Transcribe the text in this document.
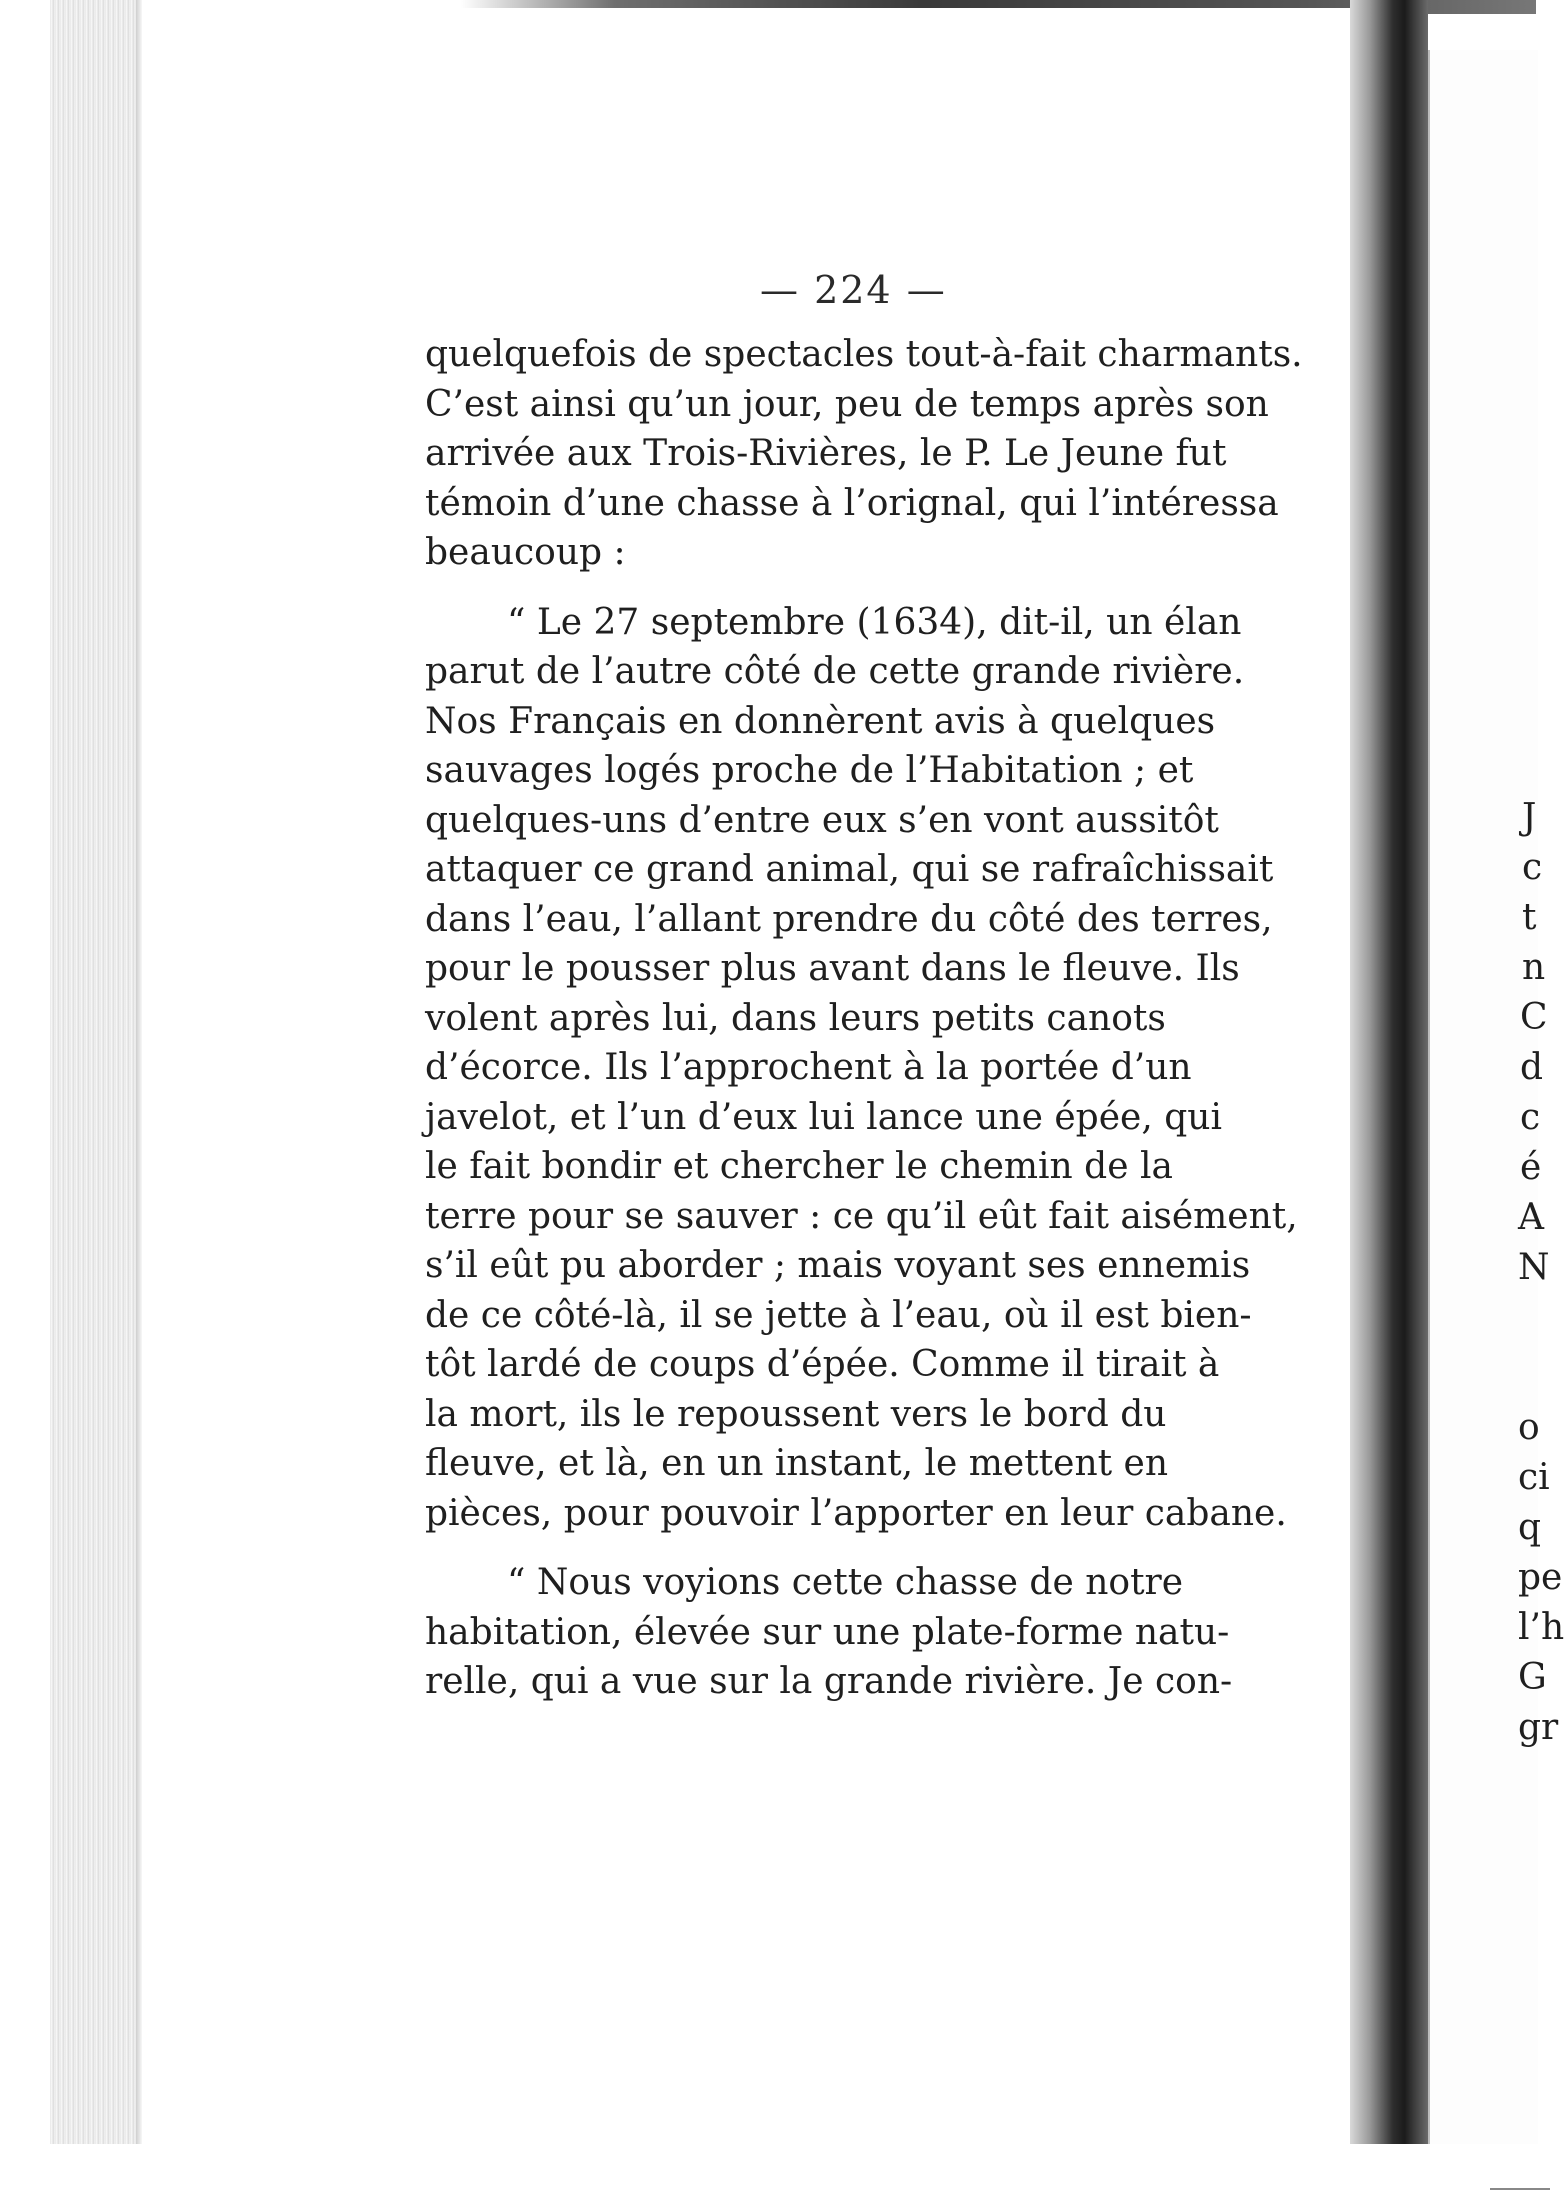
J
c
t
n
C
d
c
é
A
N
o
ci
q
pe
l’h
G
gr
— 224 —
quelquefois de spectacles tout-à-fait charmants.
C’est ainsi qu’un jour, peu de temps après son
arrivée aux Trois-Rivières, le P. Le Jeune fut
témoin d’une chasse à l’orignal, qui l’intéressa
beaucoup :
“ Le 27 septembre (1634), dit-il, un élan
parut de l’autre côté de cette grande rivière.
Nos Français en donnèrent avis à quelques
sauvages logés proche de l’Habitation ; et
quelques-uns d’entre eux s’en vont aussitôt
attaquer ce grand animal, qui se rafraîchissait
dans l’eau, l’allant prendre du côté des terres,
pour le pousser plus avant dans le fleuve. Ils
volent après lui, dans leurs petits canots
d’écorce. Ils l’approchent à la portée d’un
javelot, et l’un d’eux lui lance une épée, qui
le fait bondir et chercher le chemin de la
terre pour se sauver : ce qu’il eût fait aisément,
s’il eût pu aborder ; mais voyant ses ennemis
de ce côté-là, il se jette à l’eau, où il est bien-
tôt lardé de coups d’épée. Comme il tirait à
la mort, ils le repoussent vers le bord du
fleuve, et là, en un instant, le mettent en
pièces, pour pouvoir l’apporter en leur cabane.
“ Nous voyions cette chasse de notre
habitation, élevée sur une plate-forme natu-
relle, qui a vue sur la grande rivière. Je con-
